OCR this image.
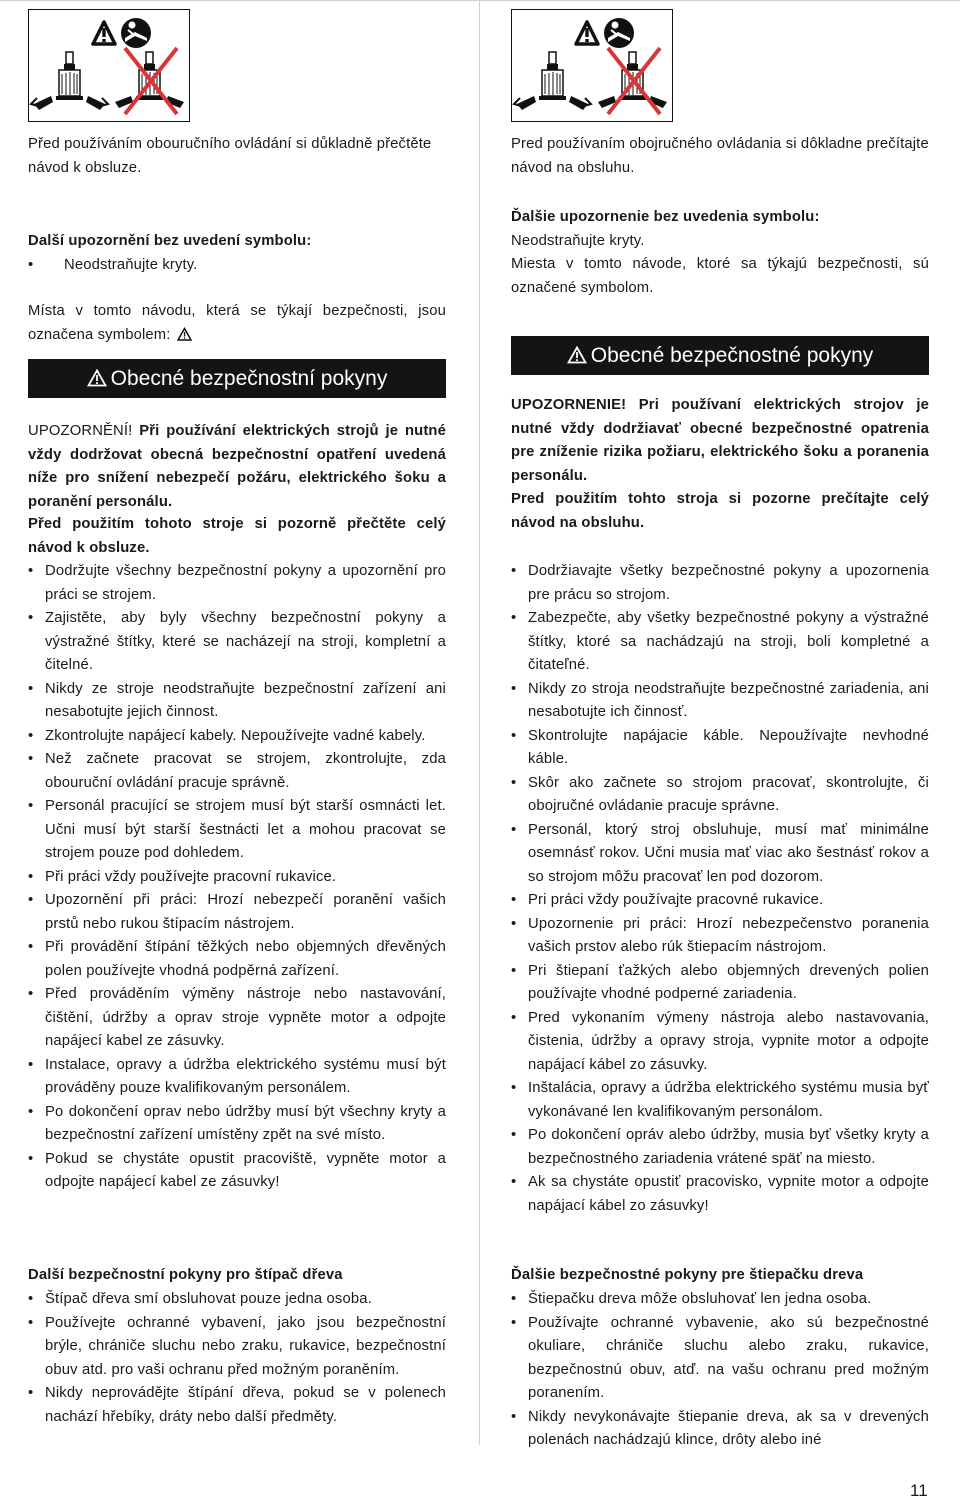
Před používáním obouručního ovládání si důkladně přečtěte návod k obsluze.
Další upozornění bez uvedení symbolu:
• Neodstraňujte kryty.
Místa v tomto návodu, která se týkají bezpečnosti, jsou označena symbolem:
Obecné bezpečnostní pokyny
UPOZORNĚNÍ! Při používání elektrických strojů je nutné vždy dodržovat obecná bezpečnostní opatření uvedená níže pro snížení nebezpečí požáru, elektrického šoku a poranění personálu.
Před použitím tohoto stroje si pozorně přečtěte celý návod k obsluze.
• Dodržujte všechny bezpečnostní pokyny a upozornění pro práci se strojem.
• Zajistěte, aby byly všechny bezpečnostní pokyny a výstražné štítky, které se nacházejí na stroji, kompletní a čitelné.
• Nikdy ze stroje neodstraňujte bezpečnostní zařízení ani nesabotujte jejich činnost.
• Zkontrolujte napájecí kabely. Nepoužívejte vadné kabely.
• Než začnete pracovat se strojem, zkontrolujte, zda obouruční ovládání pracuje správně.
• Personál pracující se strojem musí být starší osmnácti let. Učni musí být starší šestnácti let a mohou pracovat se strojem pouze pod dohledem.
• Při práci vždy používejte pracovní rukavice.
• Upozornění při práci: Hrozí nebezpečí poranění vašich prstů nebo rukou štípacím nástrojem.
• Při provádění štípání těžkých nebo objemných dřevěných polen používejte vhodná podpěrná zařízení.
• Před prováděním výměny nástroje nebo nastavování, čištění, údržby a oprav stroje vypněte motor a odpojte napájecí kabel ze zásuvky.
• Instalace, opravy a údržba elektrického systému musí být prováděny pouze kvalifikovaným personálem.
• Po dokončení oprav nebo údržby musí být všechny kryty a bezpečnostní zařízení umístěny zpět na své místo.
• Pokud se chystáte opustit pracoviště, vypněte motor a odpojte napájecí kabel ze zásuvky!
Další bezpečnostní pokyny pro štípač dřeva
• Štípač dřeva smí obsluhovat pouze jedna osoba.
• Používejte ochranné vybavení, jako jsou bezpečnostní brýle, chrániče sluchu nebo zraku, rukavice, bezpečnostní obuv atd. pro vaši ochranu před možným poraněním.
• Nikdy neprovádějte štípání dřeva, pokud se v polenech nachází hřebíky, dráty nebo další předměty.
Pred používaním obojručného ovládania si dôkladne prečítajte návod na obsluhu.
Ďalšie upozornenie bez uvedenia symbolu:
Neodstraňujte kryty.
Miesta v tomto návode, ktoré sa týkajú bezpečnosti, sú označené symbolom.
Obecné bezpečnostné pokyny
UPOZORNENIE! Pri používaní elektrických strojov je nutné vždy dodržiavať obecné bezpečnostné opatrenia pre zníženie rizika požiaru, elektrického šoku a poranenia personálu.
Pred použitím tohto stroja si pozorne prečítajte celý návod na obsluhu.
• Dodržiavajte všetky bezpečnostné pokyny a upozornenia pre prácu so strojom.
• Zabezpečte, aby všetky bezpečnostné pokyny a výstražné štítky, ktoré sa nachádzajú na stroji, boli kompletné a čitateľné.
• Nikdy zo stroja neodstraňujte bezpečnostné zariadenia, ani nesabotujte ich činnosť.
• Skontrolujte napájacie káble. Nepoužívajte nevhodné káble.
• Skôr ako začnete so strojom pracovať, skontrolujte, či obojručné ovládanie pracuje správne.
• Personál, ktorý stroj obsluhuje, musí mať minimálne osemnásť rokov. Učni musia mať viac ako šestnásť rokov a so strojom môžu pracovať len pod dozorom.
• Pri práci vždy používajte pracovné rukavice.
• Upozornenie pri práci: Hrozí nebezpečenstvo poranenia vašich prstov alebo rúk štiepacím nástrojom.
• Pri štiepaní ťažkých alebo objemných drevených polien používajte vhodné podperné zariadenia.
• Pred vykonaním výmeny nástroja alebo nastavovania, čistenia, údržby a opravy stroja, vypnite motor a odpojte napájací kábel zo zásuvky.
• Inštalácia, opravy a údržba elektrického systému musia byť vykonávané len kvalifikovaným personálom.
• Po dokončení opráv alebo údržby, musia byť všetky kryty a bezpečnostného zariadenia vrátené späť na miesto.
• Ak sa chystáte opustiť pracovisko, vypnite motor a odpojte napájací kábel zo zásuvky!
Ďalšie bezpečnostné pokyny pre štiepačku dreva
• Štiepačku dreva môže obsluhovať len jedna osoba.
• Používajte ochranné vybavenie, ako sú bezpečnostné okuliare, chrániče sluchu alebo zraku, rukavice, bezpečnostnú obuv, atď. na vašu ochranu pred možným poranením.
• Nikdy nevykonávajte štiepanie dreva, ak sa v drevených polenách nachádzajú klince, drôty alebo iné
11
